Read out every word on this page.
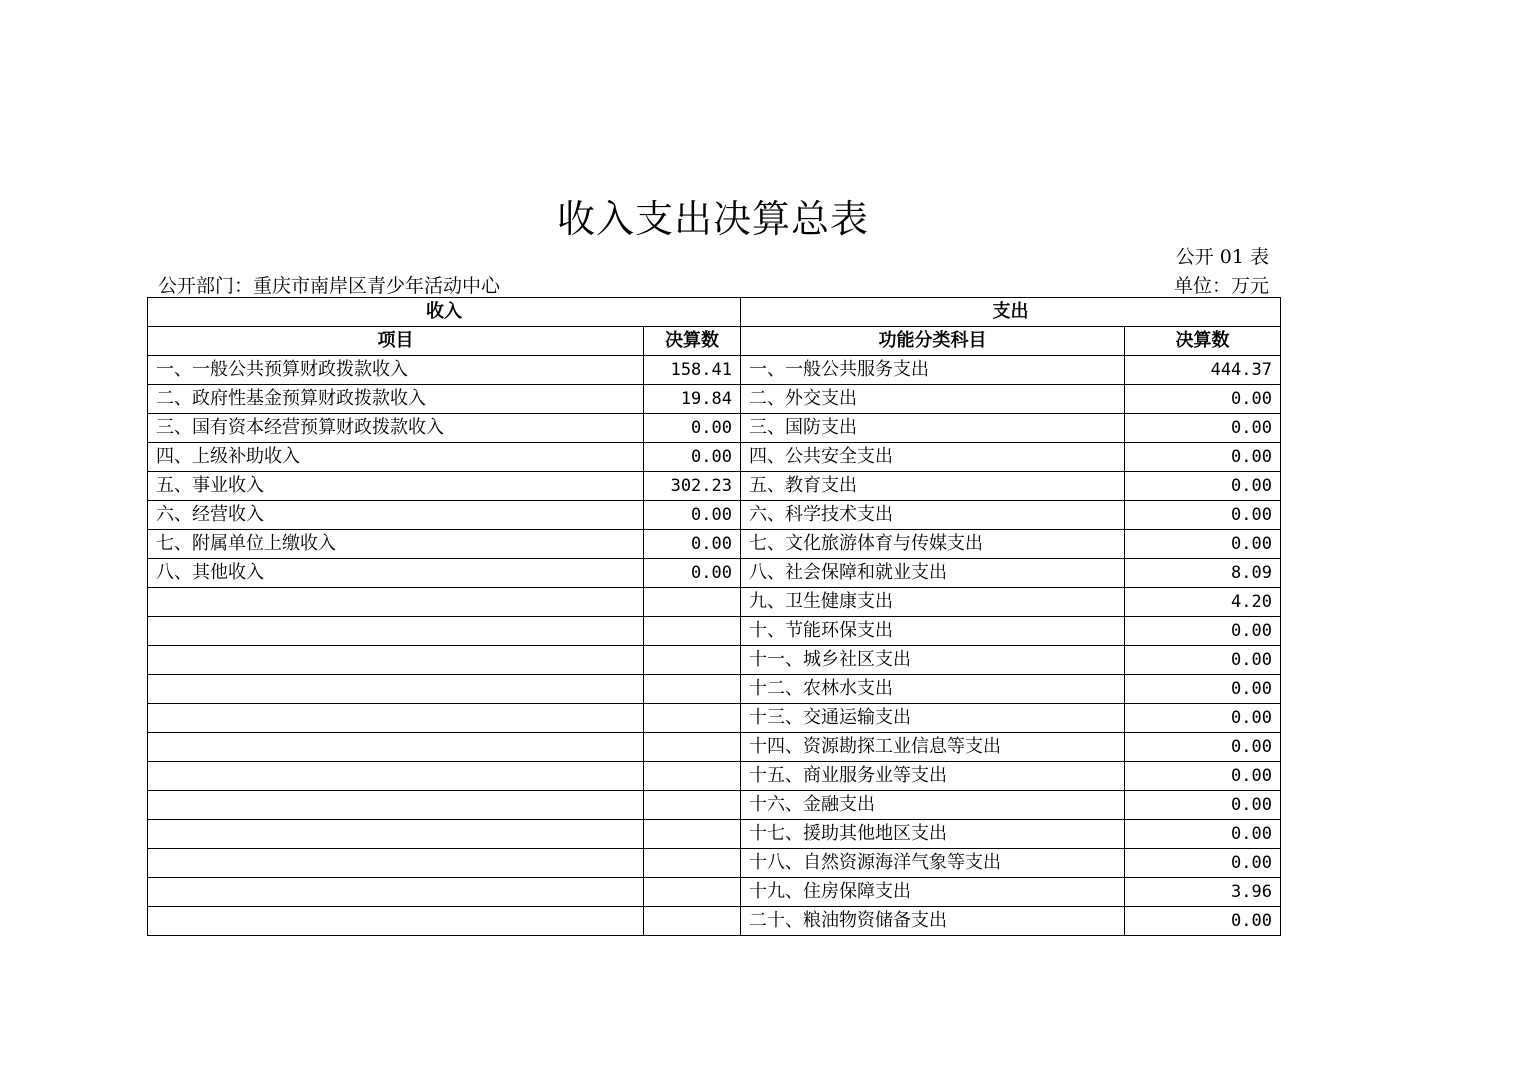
收入支出决算总表
公开 01 表
公开部门：重庆市南岸区青少年活动中心	单位：万元
收入		支出	
项目	决算数	功能分类科目	决算数
一、一般公共预算财政拨款收入	158.41	一、一般公共服务支出	444.37
二、政府性基金预算财政拨款收入	19.84	二、外交支出	0.00
三、国有资本经营预算财政拨款收入	0.00	三、国防支出	0.00
四、上级补助收入	0.00	四、公共安全支出	0.00
五、事业收入	302.23	五、教育支出	0.00
六、经营收入	0.00	六、科学技术支出	0.00
七、附属单位上缴收入	0.00	七、文化旅游体育与传媒支出	0.00
八、其他收入	0.00	八、社会保障和就业支出	8.09
		九、卫生健康支出	4.20
		十、节能环保支出	0.00
		十一、城乡社区支出	0.00
		十二、农林水支出	0.00
		十三、交通运输支出	0.00
		十四、资源勘探工业信息等支出	0.00
		十五、商业服务业等支出	0.00
		十六、金融支出	0.00
		十七、援助其他地区支出	0.00
		十八、自然资源海洋气象等支出	0.00
		十九、住房保障支出	3.96
		二十、粮油物资储备支出	0.00
